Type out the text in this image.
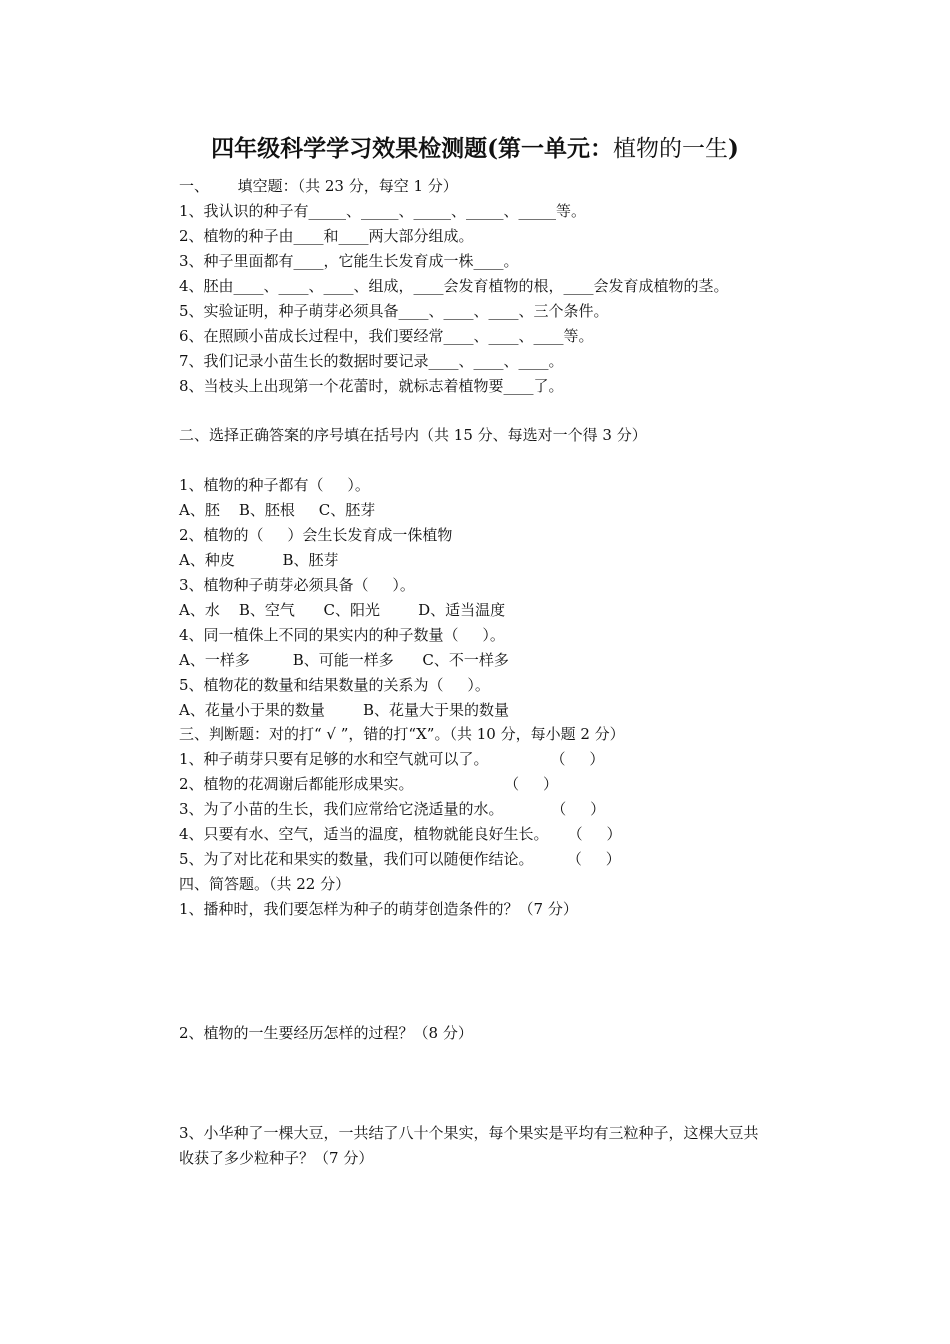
四年级科学学习效果检测题(第一单元：植物的一生)
一、      填空题：（共 23 分，每空 1 分）
1、我认识的种子有_____、_____、_____、_____、_____等。
2、植物的种子由____和____两大部分组成。
3、种子里面都有____，它能生长发育成一株____。
4、胚由____、____、____、组成，____会发育植物的根，____会发育成植物的茎。
5、实验证明，种子萌芽必须具备____、____、____、三个条件。
6、在照顾小苗成长过程中，我们要经常____、____、____等。
7、我们记录小苗生长的数据时要记录____、____、____。
8、当枝头上出现第一个花蕾时，就标志着植物要____了。
二、选择正确答案的序号填在括号内（共 15 分、每选对一个得 3 分）
1、植物的种子都有（     ）。
A、胚    B、胚根     C、胚芽
2、植物的（     ）会生长发育成一侏植物
A、种皮          B、胚芽
3、植物种子萌芽必须具备（     ）。
A、水    B、空气      C、阳光        D、适当温度
4、同一植侏上不同的果实内的种子数量（     ）。
A、一样多         B、可能一样多      C、不一样多
5、植物花的数量和结果数量的关系为（     ）。
A、花量小于果的数量        B、花量大于果的数量
三、判断题：对的打“ √ ”，错的打“X”。（共 10 分，每小题 2 分）
1、种子萌芽只要有足够的水和空气就可以了。             （     ）
2、植物的花凋谢后都能形成果实。                   （     ）
3、为了小苗的生长，我们应常给它浇适量的水。          （     ）
4、只要有水、空气，适当的温度，植物就能良好生长。    （     ）
5、为了对比花和果实的数量，我们可以随便作结论。       （     ）
四、简答题。（共 22 分）
1、播种时，我们要怎样为种子的萌芽创造条件的？（7 分）
2、植物的一生要经历怎样的过程？（8 分）
3、小华种了一棵大豆，一共结了八十个果实，每个果实是平均有三粒种子，这棵大豆共
收获了多少粒种子？（7 分）
